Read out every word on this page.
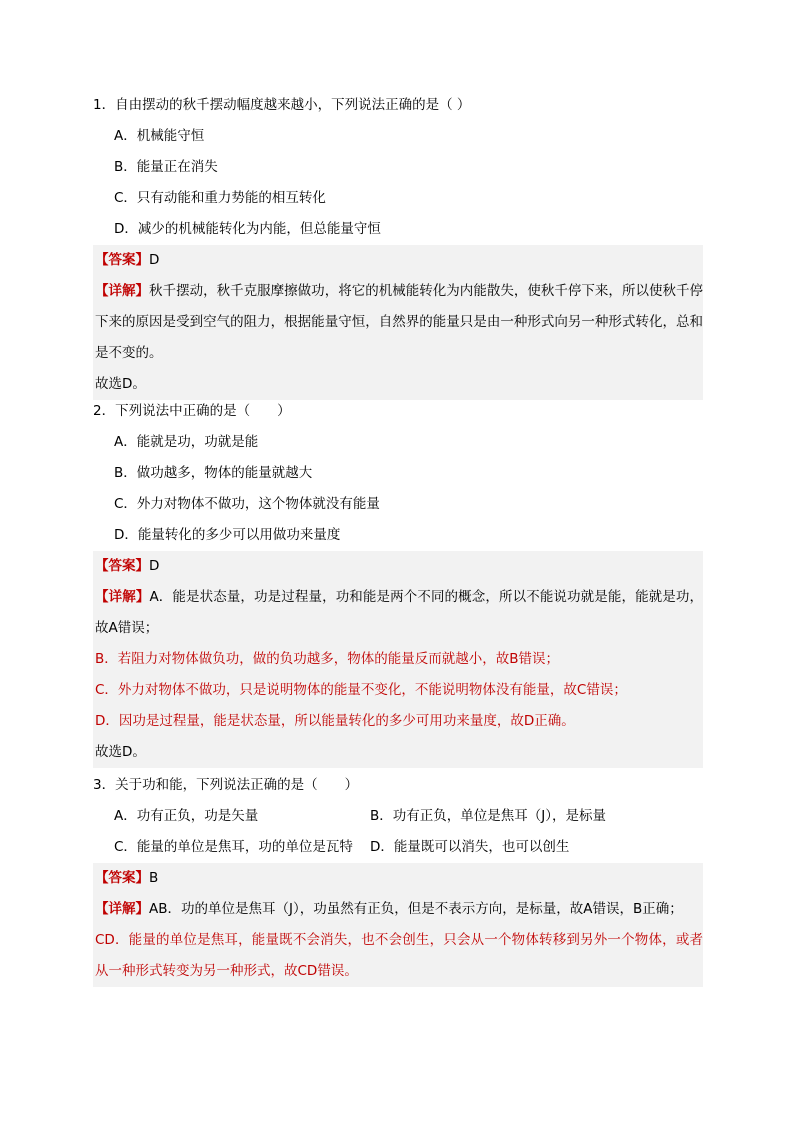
1．自由摆动的秋千摆动幅度越来越小，下列说法正确的是（ ）
A．机械能守恒
B．能量正在消失
C．只有动能和重力势能的相互转化
D．减少的机械能转化为内能，但总能量守恒
【答案】D
【详解】秋千摆动，秋千克服摩擦做功，将它的机械能转化为内能散失，使秋千停下来，所以使秋千停下来的原因是受到空气的阻力，根据能量守恒，自然界的能量只是由一种形式向另一种形式转化，总和是不变的。
故选D。
2．下列说法中正确的是（　　）
A．能就是功，功就是能
B．做功越多，物体的能量就越大
C．外力对物体不做功，这个物体就没有能量
D．能量转化的多少可以用做功来量度
【答案】D
【详解】A．能是状态量，功是过程量，功和能是两个不同的概念，所以不能说功就是能，能就是功，故A错误；
B．若阻力对物体做负功，做的负功越多，物体的能量反而就越小，故B错误；
C．外力对物体不做功，只是说明物体的能量不变化，不能说明物体没有能量，故C错误；
D．因功是过程量，能是状态量，所以能量转化的多少可用功来量度，故D正确。
故选D。
3．关于功和能，下列说法正确的是（　　）
A．功有正负，功是矢量	B．功有正负，单位是焦耳（J），是标量
C．能量的单位是焦耳，功的单位是瓦特	D．能量既可以消失，也可以创生
【答案】B
【详解】AB．功的单位是焦耳（J），功虽然有正负，但是不表示方向，是标量，故A错误，B正确；
CD．能量的单位是焦耳，能量既不会消失，也不会创生，只会从一个物体转移到另外一个物体，或者从一种形式转变为另一种形式，故CD错误。
